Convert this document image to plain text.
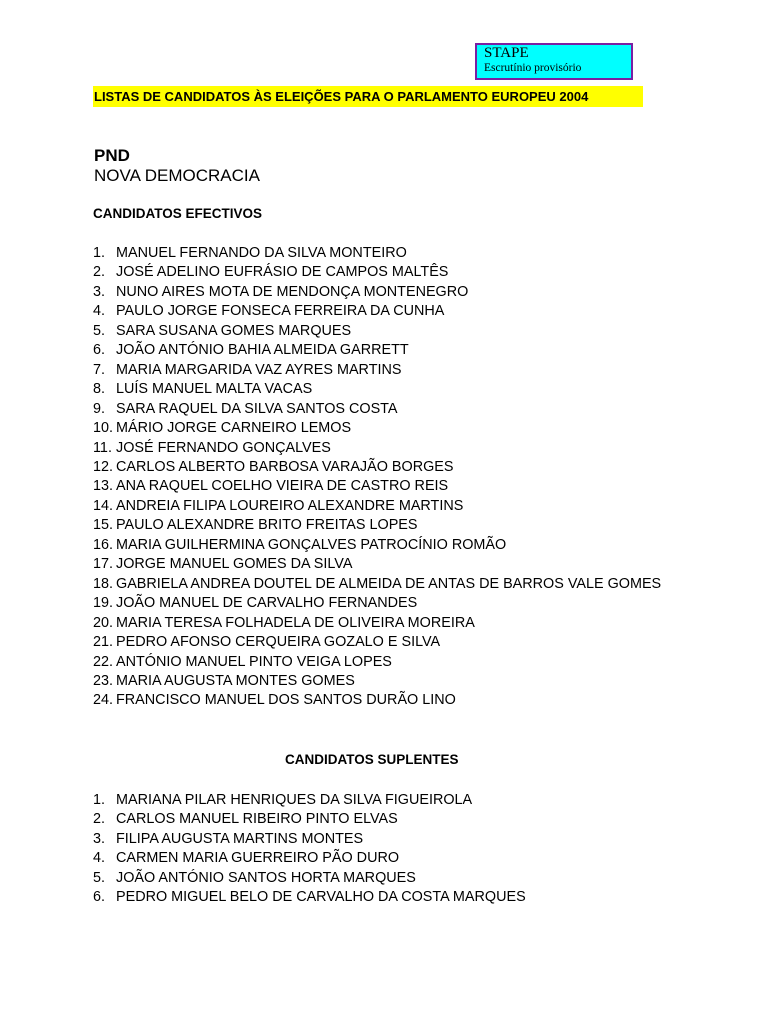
STAPE
Escrutínio provisório
LISTAS DE CANDIDATOS ÀS ELEIÇÕES PARA O PARLAMENTO EUROPEU 2004
PND
NOVA DEMOCRACIA
CANDIDATOS EFECTIVOS
1. MANUEL FERNANDO DA SILVA MONTEIRO
2. JOSÉ ADELINO EUFRÁSIO DE CAMPOS MALTÊS
3. NUNO AIRES MOTA DE MENDONÇA MONTENEGRO
4. PAULO JORGE FONSECA FERREIRA DA CUNHA
5. SARA SUSANA GOMES MARQUES
6. JOÃO ANTÓNIO BAHIA ALMEIDA GARRETT
7. MARIA MARGARIDA VAZ AYRES MARTINS
8. LUÍS MANUEL MALTA VACAS
9. SARA RAQUEL DA SILVA SANTOS COSTA
10. MÁRIO JORGE CARNEIRO LEMOS
11. JOSÉ FERNANDO GONÇALVES
12. CARLOS ALBERTO BARBOSA VARAJÃO BORGES
13. ANA RAQUEL COELHO VIEIRA DE CASTRO REIS
14. ANDREIA FILIPA LOUREIRO ALEXANDRE MARTINS
15. PAULO ALEXANDRE BRITO FREITAS LOPES
16. MARIA GUILHERMINA GONÇALVES PATROCÍNIO ROMÃO
17. JORGE MANUEL GOMES DA SILVA
18. GABRIELA ANDREA DOUTEL DE ALMEIDA DE ANTAS DE BARROS VALE GOMES
19. JOÃO MANUEL DE CARVALHO FERNANDES
20. MARIA TERESA FOLHADELA DE OLIVEIRA MOREIRA
21. PEDRO AFONSO CERQUEIRA GOZALO E SILVA
22. ANTÓNIO MANUEL PINTO VEIGA LOPES
23. MARIA AUGUSTA MONTES GOMES
24. FRANCISCO MANUEL DOS SANTOS DURÃO LINO
CANDIDATOS SUPLENTES
1. MARIANA PILAR HENRIQUES DA SILVA FIGUEIROLA
2. CARLOS MANUEL RIBEIRO PINTO ELVAS
3. FILIPA AUGUSTA MARTINS MONTES
4. CARMEN MARIA GUERREIRO PÃO DURO
5. JOÃO ANTÓNIO SANTOS HORTA MARQUES
6. PEDRO MIGUEL BELO DE CARVALHO DA COSTA MARQUES
